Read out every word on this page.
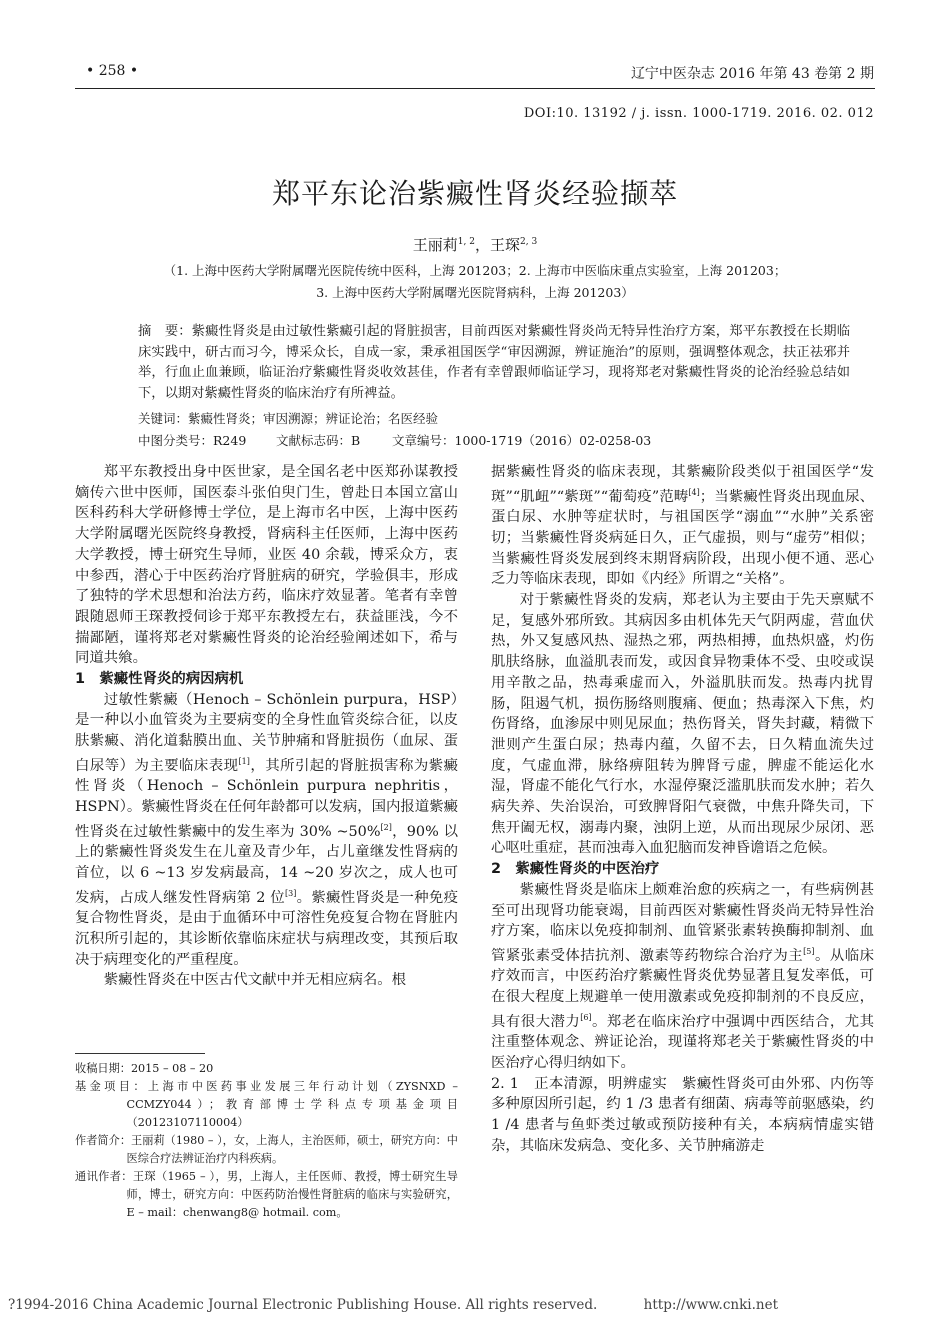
• 258 •	辽宁中医杂志 2016 年第 43 卷第 2 期
DOI:10. 13192 / j. issn. 1000-1719. 2016. 02. 012
郑平东论治紫癜性肾炎经验撷萃
王丽莉$^{1, 2}$，王琛$^{2, 3}$
（1. 上海中医药大学附属曙光医院传统中医科，上海 201203；2. 上海市中医临床重点实验室，上海 201203；
3. 上海中医药大学附属曙光医院肾病科，上海 201203）
摘　要：紫癜性肾炎是由过敏性紫癜引起的肾脏损害，目前西医对紫癜性肾炎尚无特异性治疗方案，郑平东教授在长期临床实践中，研古而习今，博采众长，自成一家，秉承祖国医学“审因溯源，辨证施治”的原则，强调整体观念，扶正祛邪并举，行血止血兼顾，临证治疗紫癜性肾炎收效甚佳，作者有幸曾跟师临证学习，现将郑老对紫癜性肾炎的论治经验总结如下，以期对紫癜性肾炎的临床治疗有所裨益。
关键词：紫癜性肾炎；审因溯源；辨证论治；名医经验
中图分类号：R249 文献标志码：B	文章编号：1000-1719（2016）02-0258-03

郑平东教授出身中医世家，是全国名老中医郑孙谋教授嫡传六世中医师，国医泰斗张伯臾门生，曾赴日本国立富山医科药科大学研修博士学位，是上海市名中医，上海中医药大学附属曙光医院终身教授，肾病科主任医师，上海中医药大学教授，博士研究生导师，业医 40 余载，博采众方，衷中参西，潜心于中医药治疗肾脏病的研究，学验俱丰，形成了独特的学术思想和治法方药，临床疗效显著。笔者有幸曾跟随恩师王琛教授伺诊于郑平东教授左右，获益匪浅，今不揣鄙陋，谨将郑老对紫癜性肾炎的论治经验阐述如下，希与同道共飨。

1　紫癜性肾炎的病因病机

过敏性紫癜（Henoch – Schönlein purpura，HSP）是一种以小血管炎为主要病变的全身性血管炎综合征，以皮肤紫癜、消化道黏膜出血、关节肿痛和肾脏损伤（血尿、蛋白尿等）为主要临床表现[1]，其所引起的肾脏损害称为紫癜性肾炎（Henoch – Schönlein purpura nephritis，HSPN）。紫癜性肾炎在任何年龄都可以发病，国内报道紫癜性肾炎在过敏性紫癜中的发生率为 30% ~50%[2]，90% 以上的紫癜性肾炎发生在儿童及青少年，占儿童继发性肾病的首位，以 6 ~13 岁发病最高，14 ~20 岁次之，成人也可发病，占成人继发性肾病第 2 位[3]。紫癜性肾炎是一种免疫复合物性肾炎，是由于血循环中可溶性免疫复合物在肾脏内沉积所引起的，其诊断依靠临床症状与病理改变，其预后取决于病理变化的严重程度。

紫癜性肾炎在中医古代文献中并无相应病名。根

收稿日期：2015 – 08 – 20
基金项目：上海市中医药事业发展三年行动计划（ZYSNXD – CCMZY044）；教育部博士学科点专项基金项目（20123107110004）
作者简介：王丽莉（1980 – ），女，上海人，主治医师，硕士，研究方向：中医综合疗法辨证治疗内科疾病。
通讯作者：王琛（1965 – ），男，上海人，主任医师、教授，博士研究生导师，博士，研究方向：中医药防治慢性肾脏病的临床与实验研究，E – mail：chenwang8@ hotmail. com。

据紫癜性肾炎的临床表现，其紫癜阶段类似于祖国医学“发斑”“肌衄”“紫斑”“葡萄疫”范畴[4]；当紫癜性肾炎出现血尿、蛋白尿、水肿等症状时，与祖国医学“溺血”“水肿”关系密切；当紫癜性肾炎病延日久，正气虚损，则与“虚劳”相似；当紫癜性肾炎发展到终末期肾病阶段，出现小便不通、恶心乏力等临床表现，即如《内经》所谓之“关格”。

对于紫癜性肾炎的发病，郑老认为主要由于先天禀赋不足，复感外邪所致。其病因多由机体先天气阴两虚，营血伏热，外又复感风热、湿热之邪，两热相搏，血热炽盛，灼伤肌肤络脉，血溢肌表而发，或因食异物秉体不受、虫咬或误用辛散之品，热毒乘虚而入，外溢肌肤而发。热毒内扰胃肠，阻遏气机，损伤肠络则腹痛、便血；热毒深入下焦，灼伤肾络，血渗尿中则见尿血；热伤肾关，肾失封藏，精微下泄则产生蛋白尿；热毒内蕴，久留不去，日久精血流失过度，气虚血滞，脉络痹阻转为脾肾亏虚，脾虚不能运化水湿，肾虚不能化气行水，水湿停聚泛滥肌肤而发水肿；若久病失养、失治误治，可致脾肾阳气衰微，中焦升降失司，下焦开阖无权，溺毒内聚，浊阴上逆，从而出现尿少尿闭、恶心呕吐重症，甚而浊毒入血犯脑而发神昏谵语之危候。

2　紫癜性肾炎的中医治疗

紫癜性肾炎是临床上颇难治愈的疾病之一，有些病例甚至可出现肾功能衰竭，目前西医对紫癜性肾炎尚无特异性治疗方案，临床以免疫抑制剂、血管紧张素转换酶抑制剂、血管紧张素受体拮抗剂、激素等药物综合治疗为主[5]。从临床疗效而言，中医药治疗紫癜性肾炎优势显著且复发率低，可在很大程度上规避单一使用激素或免疫抑制剂的不良反应，具有很大潜力[6]。郑老在临床治疗中强调中西医结合，尤其注重整体观念、辨证论治，现谨将郑老关于紫癜性肾炎的中医治疗心得归纳如下。

2. 1　正本清源，明辨虚实　 紫癜性肾炎可由外邪、内伤等多种原因所引起，约 1 /3 患者有细菌、病毒等前驱感染，约 1 /4 患者与鱼虾类过敏或预防接种有关，本病病情虚实错杂，其临床发病急、变化多、关节肿痛游走

?1994-2016 China Academic Journal Electronic Publishing House. All rights reserved.	http://www.cnki.net
